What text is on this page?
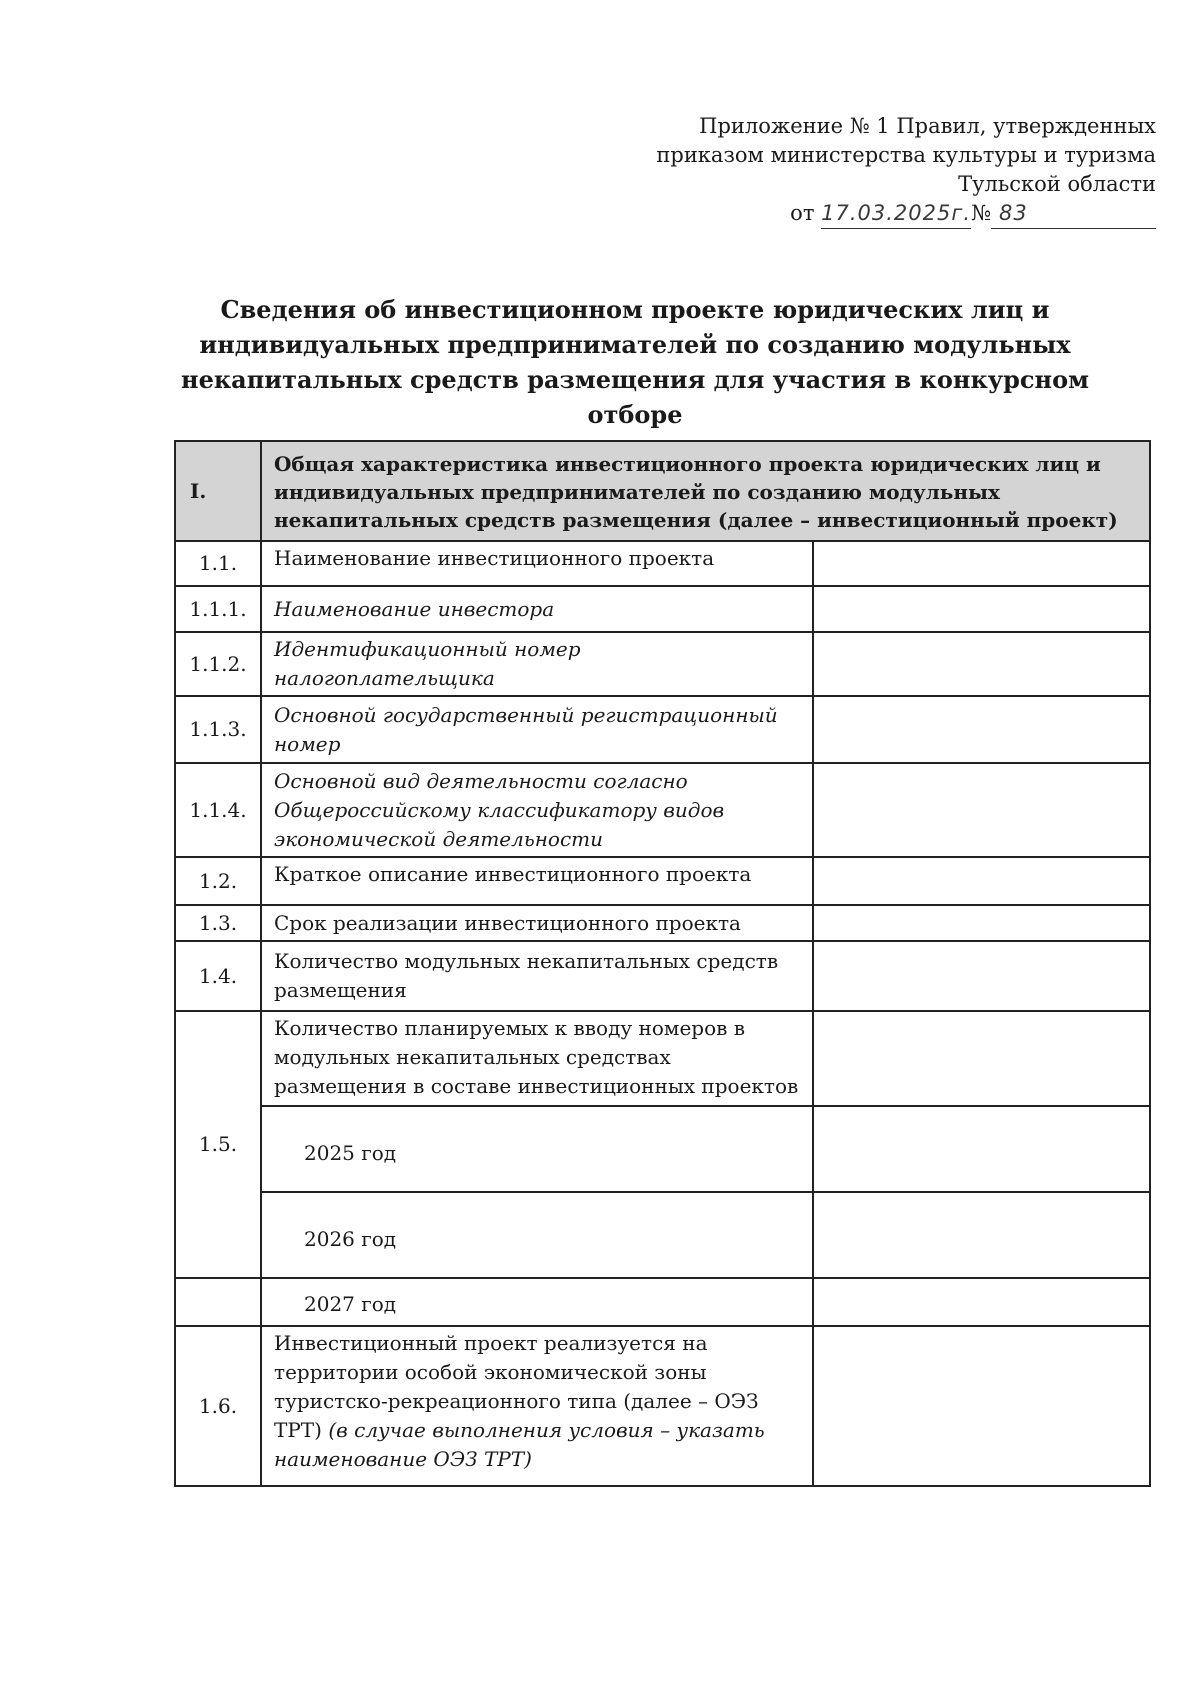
Приложение № 1 Правил, утвержденных
приказом министерства культуры и туризма
Тульской области
от 17.03.2025г.№ 83
Сведения об инвестиционном проекте юридических лиц и
индивидуальных предпринимателей по созданию модульных
некапитальных средств размещения для участия в конкурсном отборе
I.	Общая характеристика инвестиционного проекта юридических лиц и индивидуальных предпринимателей по созданию модульных некапитальных средств размещения (далее – инвестиционный проект)	
1.1.	Наименование инвестиционного проекта	
1.1.1.	Наименование инвестора	
1.1.2.	Идентификационный номер налогоплательщика	
1.1.3.	Основной государственный регистрационный номер	
1.1.4.	Основной вид деятельности согласно Общероссийскому классификатору видов экономической деятельности	
1.2.	Краткое описание инвестиционного проекта	
1.3.	Срок реализации инвестиционного проекта	
1.4.	Количество модульных некапитальных средств размещения	
1.5.	Количество планируемых к вводу номеров в модульных некапитальных средствах размещения в составе инвестиционных проектов	
	2025 год	
	2026 год	
	2027 год	
1.6.	Инвестиционный проект реализуется на территории особой экономической зоны туристско-рекреационного типа (далее – ОЭЗ ТРТ) (в случае выполнения условия – указать наименование ОЭЗ ТРТ)	
